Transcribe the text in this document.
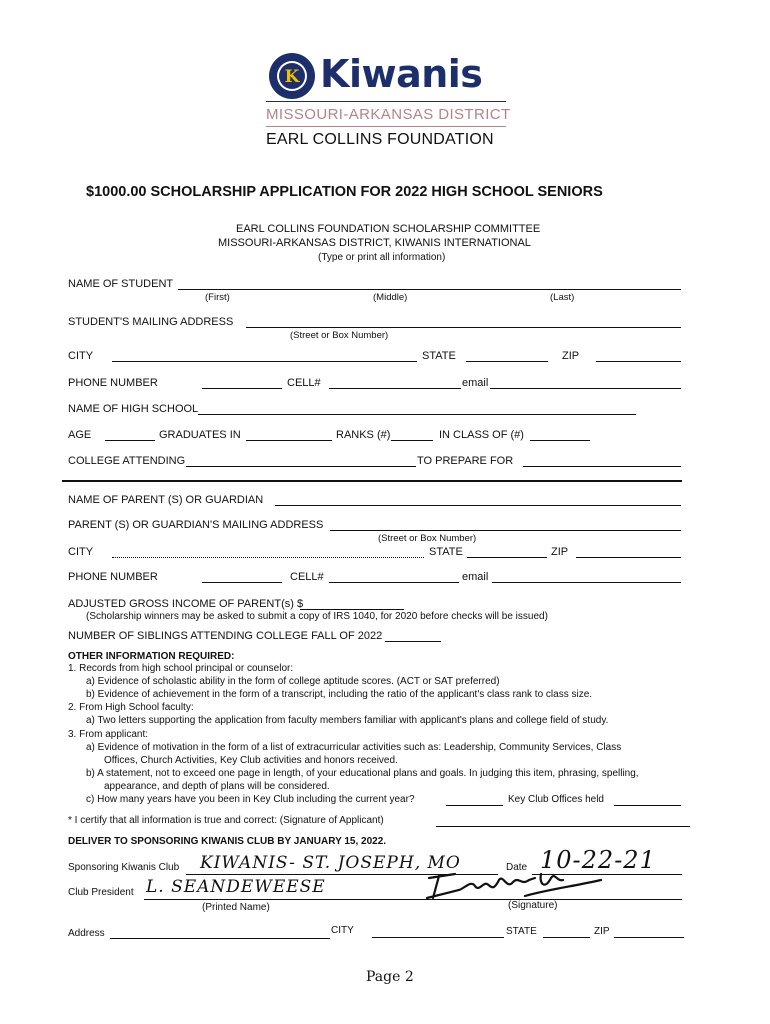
K Kiwanis
MISSOURI-ARKANSAS DISTRICT
EARL COLLINS FOUNDATION
$1000.00 SCHOLARSHIP APPLICATION FOR 2022 HIGH SCHOOL SENIORS
EARL COLLINS FOUNDATION SCHOLARSHIP COMMITTEE
MISSOURI-ARKANSAS DISTRICT, KIWANIS INTERNATIONAL
(Type or print all information)
NAME OF STUDENT
(First)	(Middle)	(Last)
STUDENT'S MAILING ADDRESS
(Street or Box Number)
CITY	STATE	ZIP
PHONE NUMBER	CELL#	email
NAME OF HIGH SCHOOL
AGE	GRADUATES IN	RANKS (#)	IN CLASS OF (#)
COLLEGE ATTENDING	TO PREPARE FOR
NAME OF PARENT (S) OR GUARDIAN
PARENT (S) OR GUARDIAN'S MAILING ADDRESS
(Street or Box Number)
CITY	STATE	ZIP
PHONE NUMBER	CELL#	email
ADJUSTED GROSS INCOME OF PARENT(s) $
(Scholarship winners may be asked to submit a copy of IRS 1040, for 2020 before checks will be issued)
NUMBER OF SIBLINGS ATTENDING COLLEGE FALL OF 2022
OTHER INFORMATION REQUIRED:
1. Records from high school principal or counselor:
a) Evidence of scholastic ability in the form of college aptitude scores. (ACT or SAT preferred)
b) Evidence of achievement in the form of a transcript, including the ratio of the applicant's class rank to class size.
2. From High School faculty:
a) Two letters supporting the application from faculty members familiar with applicant's plans and college field of study.
3. From applicant:
a) Evidence of motivation in the form of a list of extracurricular activities such as: Leadership, Community Services, Class
Offices, Church Activities, Key Club activities and honors received.
b) A statement, not to exceed one page in length, of your educational plans and goals. In judging this item, phrasing, spelling,
appearance, and depth of plans will be considered.
c) How many years have you been in Key Club including the current year?	Key Club Offices held
* I certify that all information is true and correct: (Signature of Applicant)
DELIVER TO SPONSORING KIWANIS CLUB BY JANUARY 15, 2022.
Sponsoring Kiwanis Club KIWANIS- ST. JOSEPH, MO	Date 10-22-21
Club President L. SEANDEWEESE
(Printed Name)	(Signature)
Address	CITY	STATE	ZIP
Page 2
